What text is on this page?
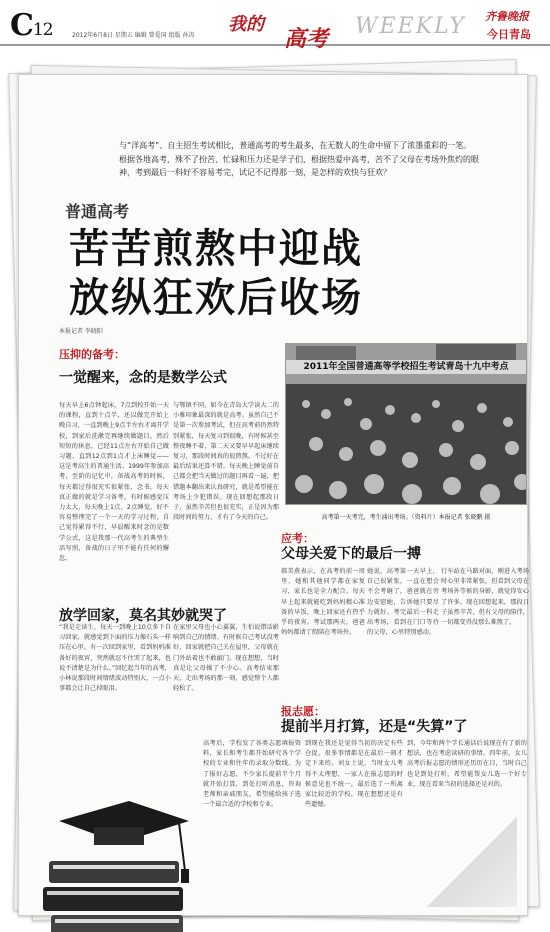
C12	2012年6月8日 星期五 编辑 曾爱国 组版 孙涛
我的
高考
WEEKLY 齐鲁晚报
今日青岛

与“洋高考”、自主招生考试相比，普通高考的考生最多，在无数人的生命中留下了浓墨重彩的一笔。根据各地高考，殊不了扮苦、忙碌和压力还是学子们，根据热爱中高考，苦不了父母在考场外焦灼的眼神，考到最后一科好不容易考完，试记不记得那一刻，是怎样的欢快与狂欢？

普通高考
苦苦煎熬中迎战
放纵狂欢后收场
本报记者 李晓阳
压抑的备考：
一觉醒来，念的是数学公式

每天早上6点钟起床，7点到校开始一天的课程，直到十点半，还以做完开始上晚自习，一直到晚上9点半左右才离开学校，到家后洗漱完再继续做题目，然后短短的休息，已经11点左右开始自己做习题，直到12点到1点才上床睡觉——这是考高生的普通生活。1999年参加高考，至阶的记忆中，备战高考的时候，每天都过得很充实很紧张，念书，每天真正做的就是学习备考。有时候感觉压力太大，每天晚上1点、2点睡觉，好不容易整理完了一个一天的学习过程，自己觉得累得不行，早晨醒来时念的是数学公式，这是我那一代高考生的典型生活写照，备战的日子里不能有任何的懈怠。

与鄂镇不同，如今在青岛大学读大二的小雅印象最深的就是高考。虽然自己不是第一次参加考试，但在高考前仍然特别紧张，每天复习到很晚，有时候甚至整夜睡不着，第二天又要早早起床继续复习，那段时间真的很煎熬。不过好在最后结果还算不错。每天晚上睡觉前自己都会把当天做过的题目再看一遍，把错题本翻出来认真研究，就是希望能在考场上少犯错误。现在回想起那段日子，虽然辛苦但也很充实，正是因为那段时间的努力，才有了今天的自己。

2011年全国普通高等学校招生考试青岛十九中考点
高考第一天考完，考生涌出考场。（资料片）本报记者 张晓鹏 摄
应考：
父母关爱下的最后一搏
放学回家，莫名其妙就哭了

“我是走读生，每天一到晚上10点多下自习回家，就感觉到下面的压力像石头一样压在心里。有一次回到家里，看到妈妈准备好的夜宵，突然就忍不住哭了起来，也说不清楚是为什么。”回忆起当年的高考，小林说那段时间情绪波动特别大，一点小事都会让自己掉眼泪。

在家里父母也小心翼翼，生怕说错话影响到自己的情绪。有时候自己考试没考好，回家就把自己关在屋里，父母就在门外站着也不敢敲门。现在想想，当时真是让父母操了不少心。高考结束那天，走出考场的那一刻，感觉整个人都轻松了。

郝美燕表示，在高考的前一周里，她和其他同学都在家复习，家长也是全力配合。每天早上起来就能吃到妈妈精心准备的早饭，晚上回家还有热乎乎的夜宵。考试那两天，爸爸妈妈都请了假陪在考场外。

她说，高考第一天早上，自己很紧张，一直在想会不会考砸了，爸爸就在旁边安慰她，告诉她只要尽力就好。考完最后一科走出考场，看到在门口等待的父母，心里特别感动。

行车站在马路对面，刚进入考场时心里非常紧张，但看到父母在考场外等候的身影，就觉得安心了许多。现在回想起来，那段日子虽然辛苦，但有父母的陪伴，一切都变得没那么难熬了。

报志愿：
提前半月打算，还是“失算”了

高考后，学校发了各类志愿填报资料，家长和考生都开始研究各个学校的专业和往年的录取分数线。为了报好志愿，不少家长提前半个月就开始打算，到处打听消息，咨询老师和亲戚朋友，希望能给孩子选一个最合适的学校和专业。

到现在我还是觉得当初的决定有些仓促，很多事情都是在最后一刻才定下来的。刘女士说，当时女儿考得不太理想，一家人在报志愿的时候意见也不统一，最后选了一所离家比较近的学校，现在想想还是有些遗憾。

到，今年和两个学长通话后说现在有了新的想法，也在考虑读研的事情。四年前，女儿高考后报志愿的情形还历历在目，当时自己也是到处打听，希望能帮女儿选一个好专业，现在看来当初的选择还是对的。
